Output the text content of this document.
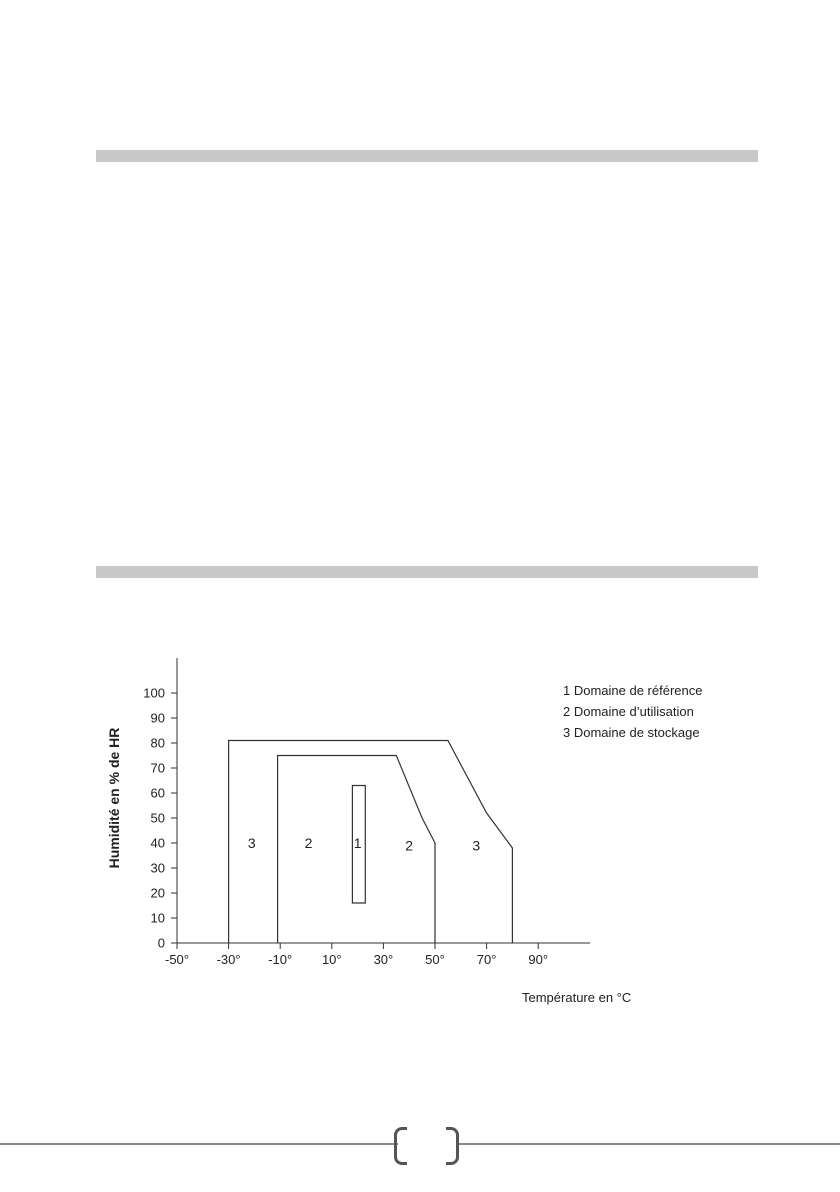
0
10
20
30
40
50
60
70
80
90
100
-50° -30° -10° 10° 30° 50° 70° 90°
3	2	1	2	3
1 Domaine de référence
2 Domaine d’utilisation
3 Domaine de stockage
Humidité en % de HR
Température en °C
